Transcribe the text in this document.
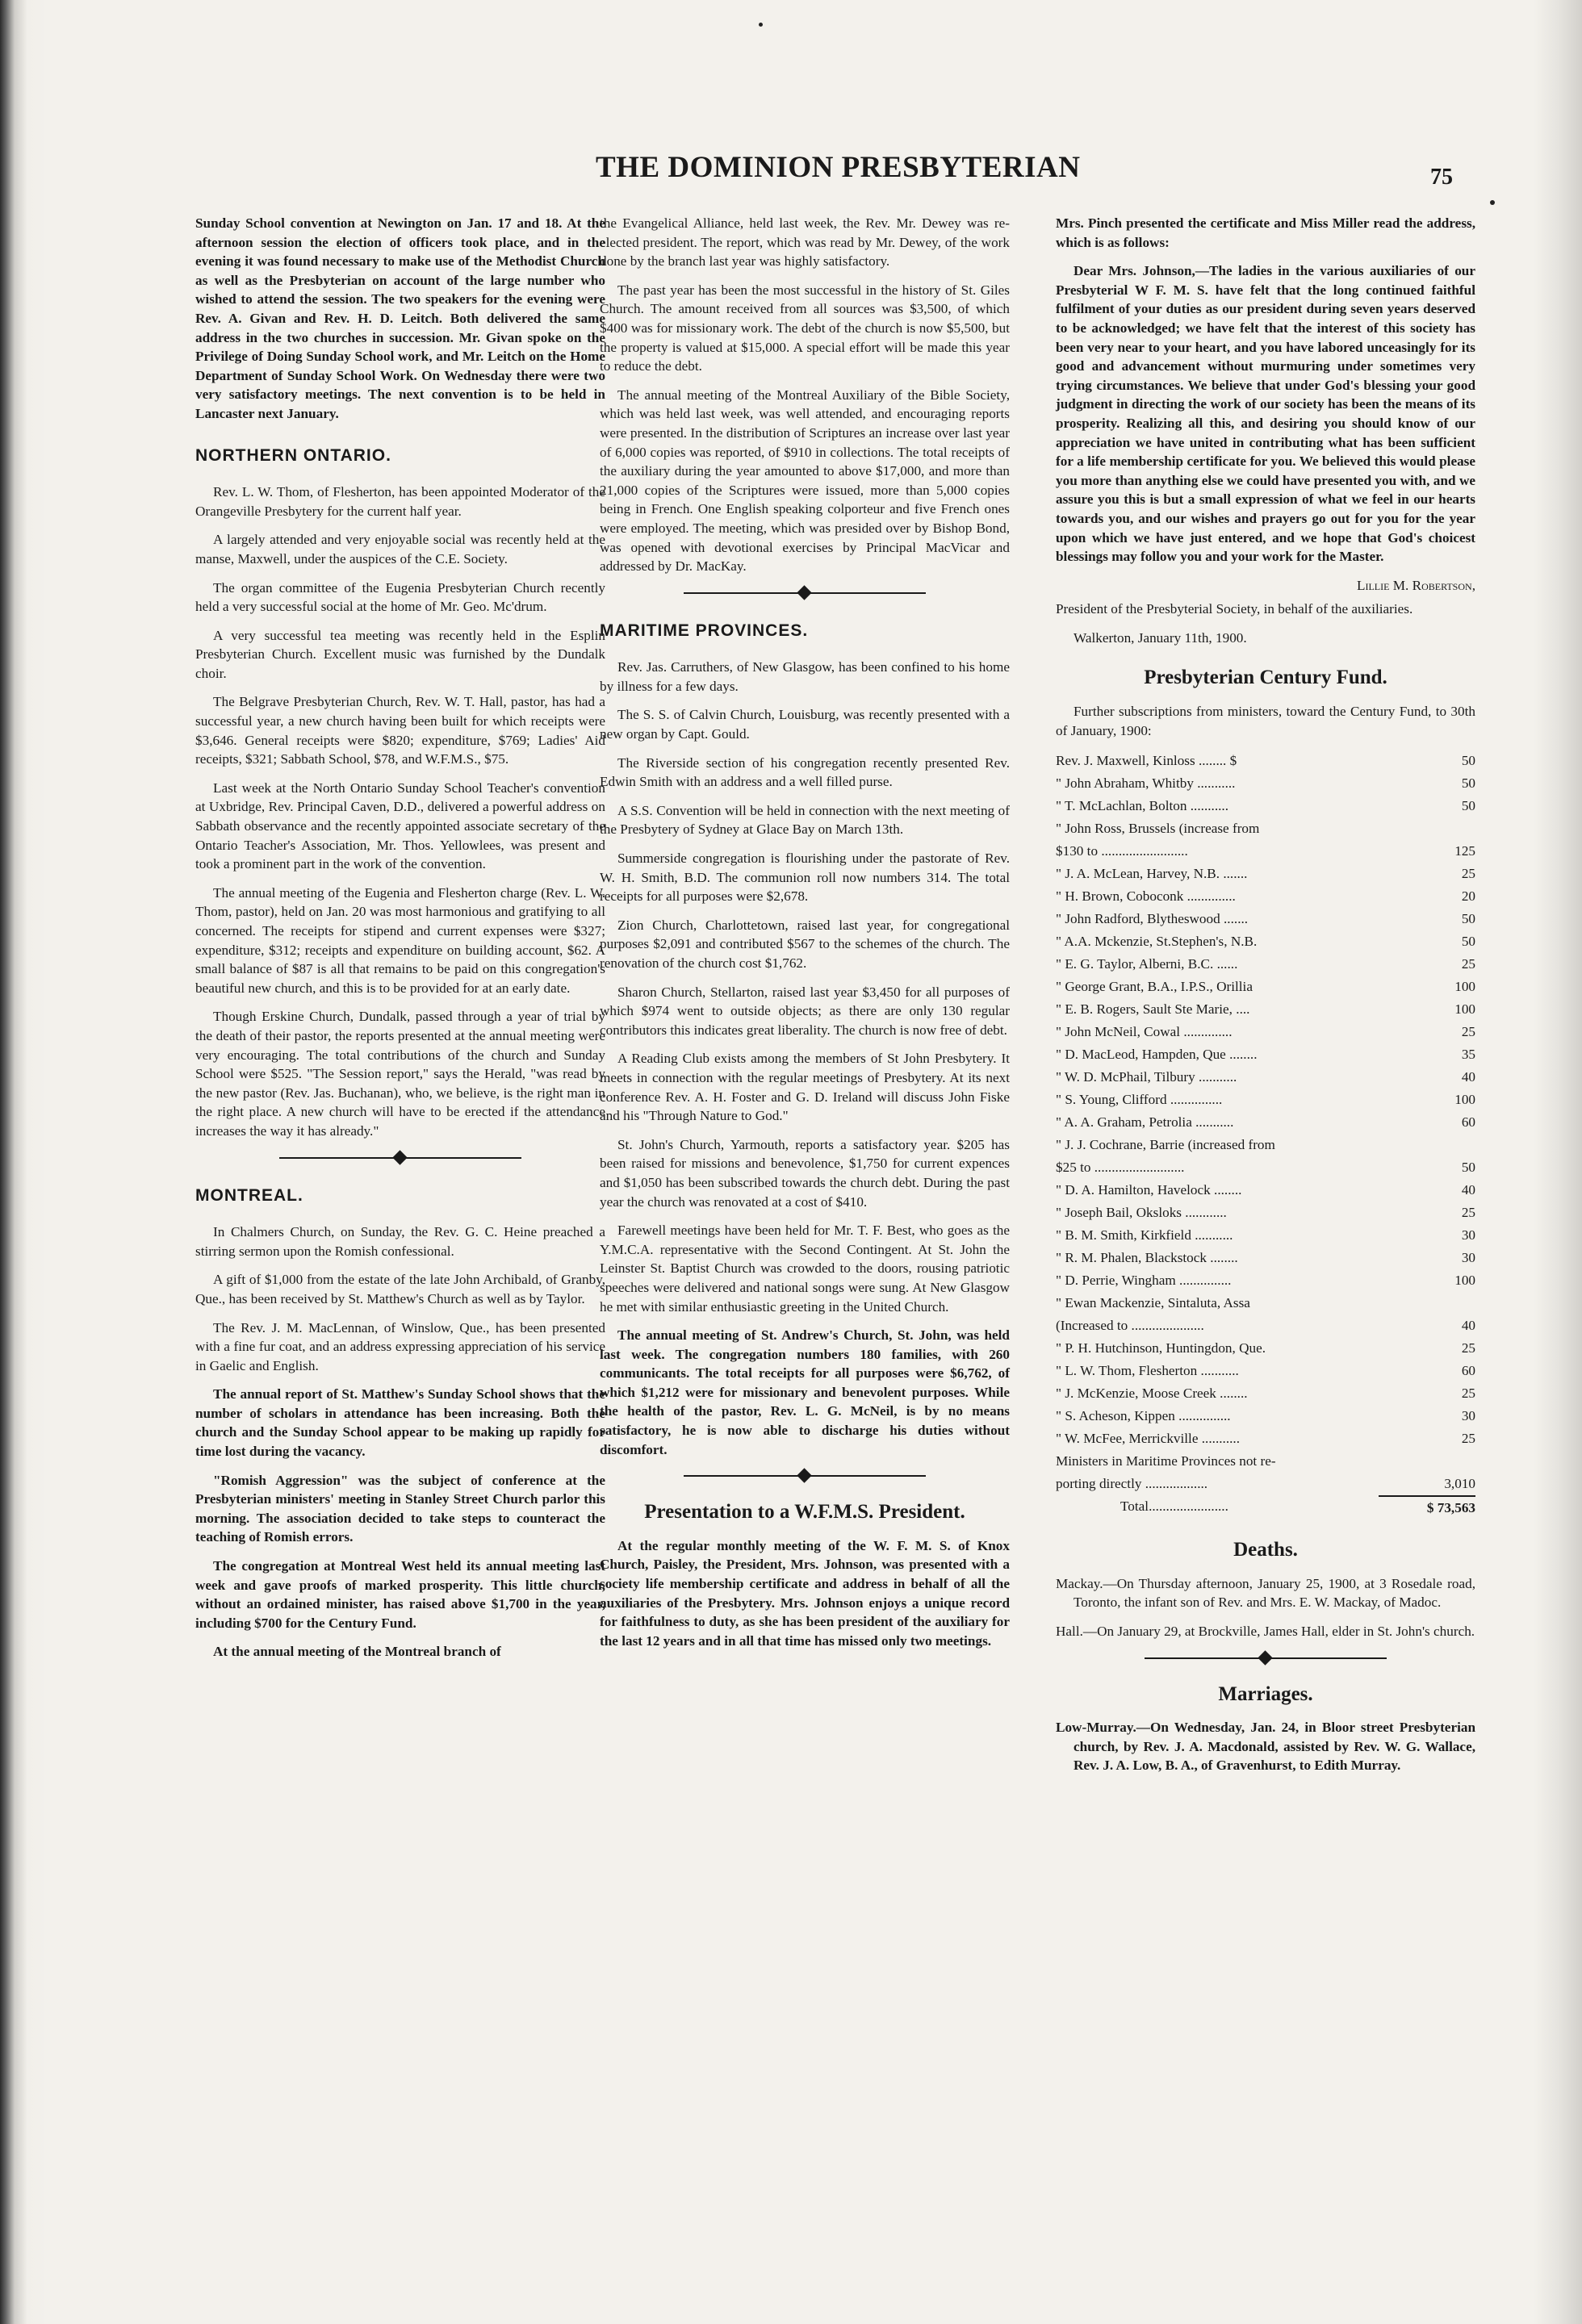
THE DOMINION PRESBYTERIAN	75

Sunday School convention at Newington on Jan. 17 and 18. At the afternoon session the election of officers took place, and in the evening it was found necessary to make use of the Methodist Church as well as the Presbyterian on account of the large number who wished to attend the session. The two speakers for the evening were Rev. A. Givan and Rev. H. D. Leitch. Both delivered the same address in the two churches in succession. Mr. Givan spoke on the Privilege of Doing Sunday School work, and Mr. Leitch on the Home Department of Sunday School Work. On Wednesday there were two very satisfactory meetings. The next convention is to be held in Lancaster next January.

NORTHERN ONTARIO.

Rev. L. W. Thom, of Flesherton, has been appointed Moderator of the Orangeville Presbytery for the current half year.

A largely attended and very enjoyable social was recently held at the manse, Maxwell, under the auspices of the C.E. Society.

The organ committee of the Eugenia Presbyterian Church recently held a very successful social at the home of Mr. Geo. Mc'drum.

A very successful tea meeting was recently held in the Esplin Presbyterian Church. Excellent music was furnished by the Dundalk choir.

The Belgrave Presbyterian Church, Rev. W. T. Hall, pastor, has had a successful year, a new church having been built for which receipts were $3,646. General receipts were $820; expenditure, $769; Ladies' Aid receipts, $321; Sabbath School, $78, and W.F.M.S., $75.

Last week at the North Ontario Sunday School Teacher's convention at Uxbridge, Rev. Principal Caven, D.D., delivered a powerful address on Sabbath observance and the recently appointed associate secretary of the Ontario Teacher's Association, Mr. Thos. Yellowlees, was present and took a prominent part in the work of the convention.

The annual meeting of the Eugenia and Flesherton charge (Rev. L. W. Thom, pastor), held on Jan. 20 was most harmonious and gratifying to all concerned. The receipts for stipend and current expenses were $327; expenditure, $312; receipts and expenditure on building account, $62. A small balance of $87 is all that remains to be paid on this congregation's beautiful new church, and this is to be provided for at an early date.

Though Erskine Church, Dundalk, passed through a year of trial by the death of their pastor, the reports presented at the annual meeting were very encouraging. The total contributions of the church and Sunday School were $525. "The Session report," says the Herald, "was read by the new pastor (Rev. Jas. Buchanan), who, we believe, is the right man in the right place. A new church will have to be erected if the attendance increases the way it has already."

MONTREAL.

In Chalmers Church, on Sunday, the Rev. G. C. Heine preached a stirring sermon upon the Romish confessional.

A gift of $1,000 from the estate of the late John Archibald, of Granby, Que., has been received by St. Matthew's Church as well as by Taylor.

The Rev. J. M. MacLennan, of Winslow, Que., has been presented with a fine fur coat, and an address expressing appreciation of his service in Gaelic and English.

The annual report of St. Matthew's Sunday School shows that the number of scholars in attendance has been increasing. Both the church and the Sunday School appear to be making up rapidly for time lost during the vacancy.

"Romish Aggression" was the subject of conference at the Presbyterian ministers' meeting in Stanley Street Church parlor this morning. The association decided to take steps to counteract the teaching of Romish errors.

The congregation at Montreal West held its annual meeting last week and gave proofs of marked prosperity. This little church, without an ordained minister, has raised above $1,700 in the year, including $700 for the Century Fund.

At the annual meeting of the Montreal branch of

the Evangelical Alliance, held last week, the Rev. Mr. Dewey was re-elected president. The report, which was read by Mr. Dewey, of the work done by the branch last year was highly satisfactory.

The past year has been the most successful in the history of St. Giles Church. The amount received from all sources was $3,500, of which $400 was for missionary work. The debt of the church is now $5,500, but the property is valued at $15,000. A special effort will be made this year to reduce the debt.

The annual meeting of the Montreal Auxiliary of the Bible Society, which was held last week, was well attended, and encouraging reports were presented. In the distribution of Scriptures an increase over last year of 6,000 copies was reported, of $910 in collections. The total receipts of the auxiliary during the year amounted to above $17,000, and more than 21,000 copies of the Scriptures were issued, more than 5,000 copies being in French. One English speaking colporteur and five French ones were employed. The meeting, which was presided over by Bishop Bond, was opened with devotional exercises by Principal MacVicar and addressed by Dr. MacKay.

MARITIME PROVINCES.

Rev. Jas. Carruthers, of New Glasgow, has been confined to his home by illness for a few days.

The S. S. of Calvin Church, Louisburg, was recently presented with a new organ by Capt. Gould.

The Riverside section of his congregation recently presented Rev. Edwin Smith with an address and a well filled purse.

A S.S. Convention will be held in connection with the next meeting of the Presbytery of Sydney at Glace Bay on March 13th.

Summerside congregation is flourishing under the pastorate of Rev. W. H. Smith, B.D. The communion roll now numbers 314. The total receipts for all purposes were $2,678.

Zion Church, Charlottetown, raised last year, for congregational purposes $2,091 and contributed $567 to the schemes of the church. The renovation of the church cost $1,762.

Sharon Church, Stellarton, raised last year $3,450 for all purposes of which $974 went to outside objects; as there are only 130 regular contributors this indicates great liberality. The church is now free of debt.

A Reading Club exists among the members of St John Presbytery. It meets in connection with the regular meetings of Presbytery. At its next conference Rev. A. H. Foster and G. D. Ireland will discuss John Fiske and his "Through Nature to God."

St. John's Church, Yarmouth, reports a satisfactory year. $205 has been raised for missions and benevolence, $1,750 for current expences and $1,050 has been subscribed towards the church debt. During the past year the church was renovated at a cost of $410.

Farewell meetings have been held for Mr. T. F. Best, who goes as the Y.M.C.A. representative with the Second Contingent. At St. John the Leinster St. Baptist Church was crowded to the doors, rousing patriotic speeches were delivered and national songs were sung. At New Glasgow he met with similar enthusiastic greeting in the United Church.

The annual meeting of St. Andrew's Church, St. John, was held last week. The congregation numbers 180 families, with 260 communicants. The total receipts for all purposes were $6,762, of which $1,212 were for missionary and benevolent purposes. While the health of the pastor, Rev. L. G. McNeil, is by no means satisfactory, he is now able to discharge his duties without discomfort.

Presentation to a W.F.M.S. President.

At the regular monthly meeting of the W. F. M. S. of Knox Church, Paisley, the President, Mrs. Johnson, was presented with a society life membership certificate and address in behalf of all the auxiliaries of the Presbytery. Mrs. Johnson enjoys a unique record for faithfulness to duty, as she has been president of the auxiliary for the last 12 years and in all that time has missed only two meetings.

Mrs. Pinch presented the certificate and Miss Miller read the address, which is as follows:

Dear Mrs. Johnson,—The ladies in the various auxiliaries of our Presbyterial W F. M. S. have felt that the long continued faithful fulfilment of your duties as our president during seven years deserved to be acknowledged; we have felt that the interest of this society has been very near to your heart, and you have labored unceasingly for its good and advancement without murmuring under sometimes very trying circumstances. We believe that under God's blessing your good judgment in directing the work of our society has been the means of its prosperity. Realizing all this, and desiring you should know of our appreciation we have united in contributing what has been sufficient for a life membership certificate for you. We believed this would please you more than anything else we could have presented you with, and we assure you this is but a small expression of what we feel in our hearts towards you, and our wishes and prayers go out for you for the year upon which we have just entered, and we hope that God's choicest blessings may follow you and your work for the Master.

Lillie M. Robertson,

President of the Presbyterial Society, in behalf of the auxiliaries.

Walkerton, January 11th, 1900.

Presbyterian Century Fund.

Further subscriptions from ministers, toward the Century Fund, to 30th of January, 1900:

Rev. J. Maxwell, Kinloss ........ $	50
" John Abraham, Whitby ...........	50
" T. McLachlan, Bolton ...........	50
" John Ross, Brussels (increase from
$130 to .........................	125
" J. A. McLean, Harvey, N.B. .......	25
" H. Brown, Coboconk ..............	20
" John Radford, Blytheswood .......	50
" A.A. Mckenzie, St.Stephen's, N.B.	50
" E. G. Taylor, Alberni, B.C. ......	25
" George Grant, B.A., I.P.S., Orillia	100
" E. B. Rogers, Sault Ste Marie, ....	100
" John McNeil, Cowal ..............	25
" D. MacLeod, Hampden, Que ........	35
" W. D. McPhail, Tilbury ...........	40
" S. Young, Clifford ...............	100
" A. A. Graham, Petrolia ...........	60
" J. J. Cochrane, Barrie (increased from
$25 to ..........................	50
" D. A. Hamilton, Havelock ........	40
" Joseph Bail, Oksloks ............	25
" B. M. Smith, Kirkfield ...........	30
" R. M. Phalen, Blackstock ........	30
" D. Perrie, Wingham ...............	100
" Ewan Mackenzie, Sintaluta, Assa
(Increased to .....................	40
" P. H. Hutchinson, Huntingdon, Que.	25
" L. W. Thom, Flesherton ...........	60
" J. McKenzie, Moose Creek ........	25
" S. Acheson, Kippen ...............	30
" W. McFee, Merrickville ...........	25
Ministers in Maritime Provinces not re-
porting directly ..................	3,010
Total.......................	$ 73,563
Deaths.

Mackay.—On Thursday afternoon, January 25, 1900, at 3 Rosedale road, Toronto, the infant son of Rev. and Mrs. E. W. Mackay, of Madoc.

Hall.—On January 29, at Brockville, James Hall, elder in St. John's church.

Marriages.

Low-Murray.—On Wednesday, Jan. 24, in Bloor street Presbyterian church, by Rev. J. A. Macdonald, assisted by Rev. W. G. Wallace, Rev. J. A. Low, B. A., of Gravenhurst, to Edith Murray.
